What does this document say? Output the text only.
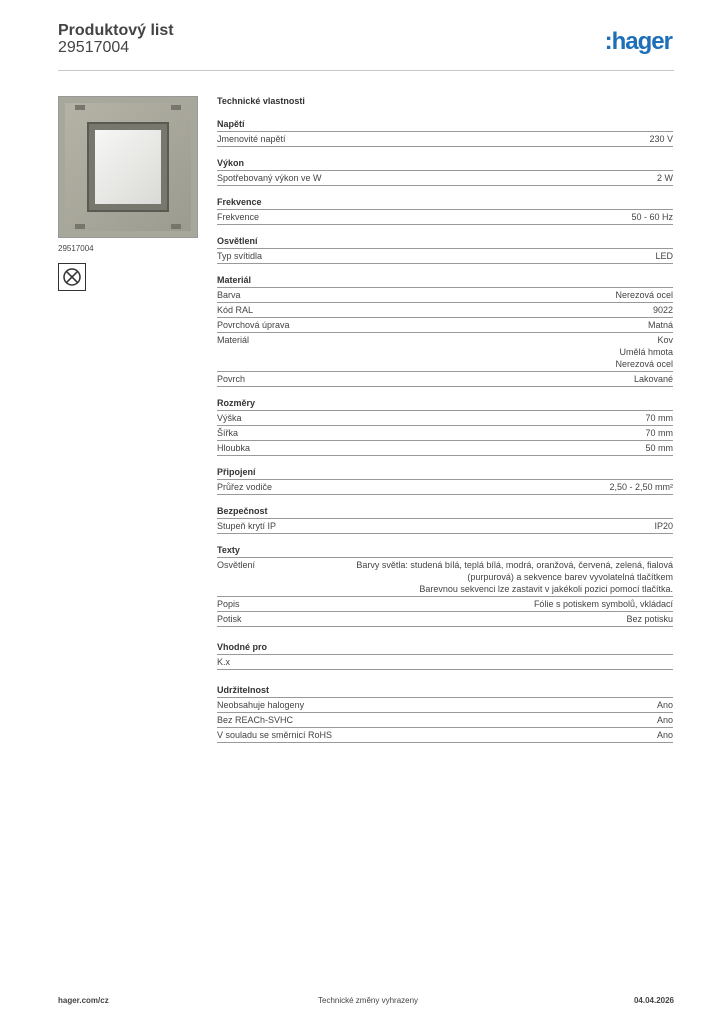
Produktový list
29517004	:hager
29517004
Technické vlastnosti
Napětí
Jmenovité napětí	230 V
Výkon
Spotřebovaný výkon ve W	2 W
Frekvence
Frekvence	50 - 60 Hz
Osvětlení
Typ svítidla	LED
Materiál
Barva	Nerezová ocel
Kód RAL	9022
Povrchová úprava	Matná
Materiál	Kov
Umělá hmota
Nerezová ocel
Povrch	Lakované
Rozměry
Výška	70 mm
Šířka	70 mm
Hloubka	50 mm
Připojení
Průřez vodiče	2,50 - 2,50 mm²
Bezpečnost
Stupeň krytí IP	IP20
Texty
Osvětlení	Barvy světla: studená bílá, teplá bílá, modrá, oranžová, červená, zelená, fialová
(purpurová) a sekvence barev vyvolatelná tlačítkem
Barevnou sekvenci lze zastavit v jakékoli pozici pomocí tlačítka.
Popis	Fólie s potiskem symbolů, vkládací
Potisk	Bez potisku
Vhodné pro
K.x
Udržitelnost
Neobsahuje halogeny	Ano
Bez REACh-SVHC	Ano
V souladu se směrnicí RoHS	Ano
hager.com/cz	Technické změny vyhrazeny	04.04.2026
